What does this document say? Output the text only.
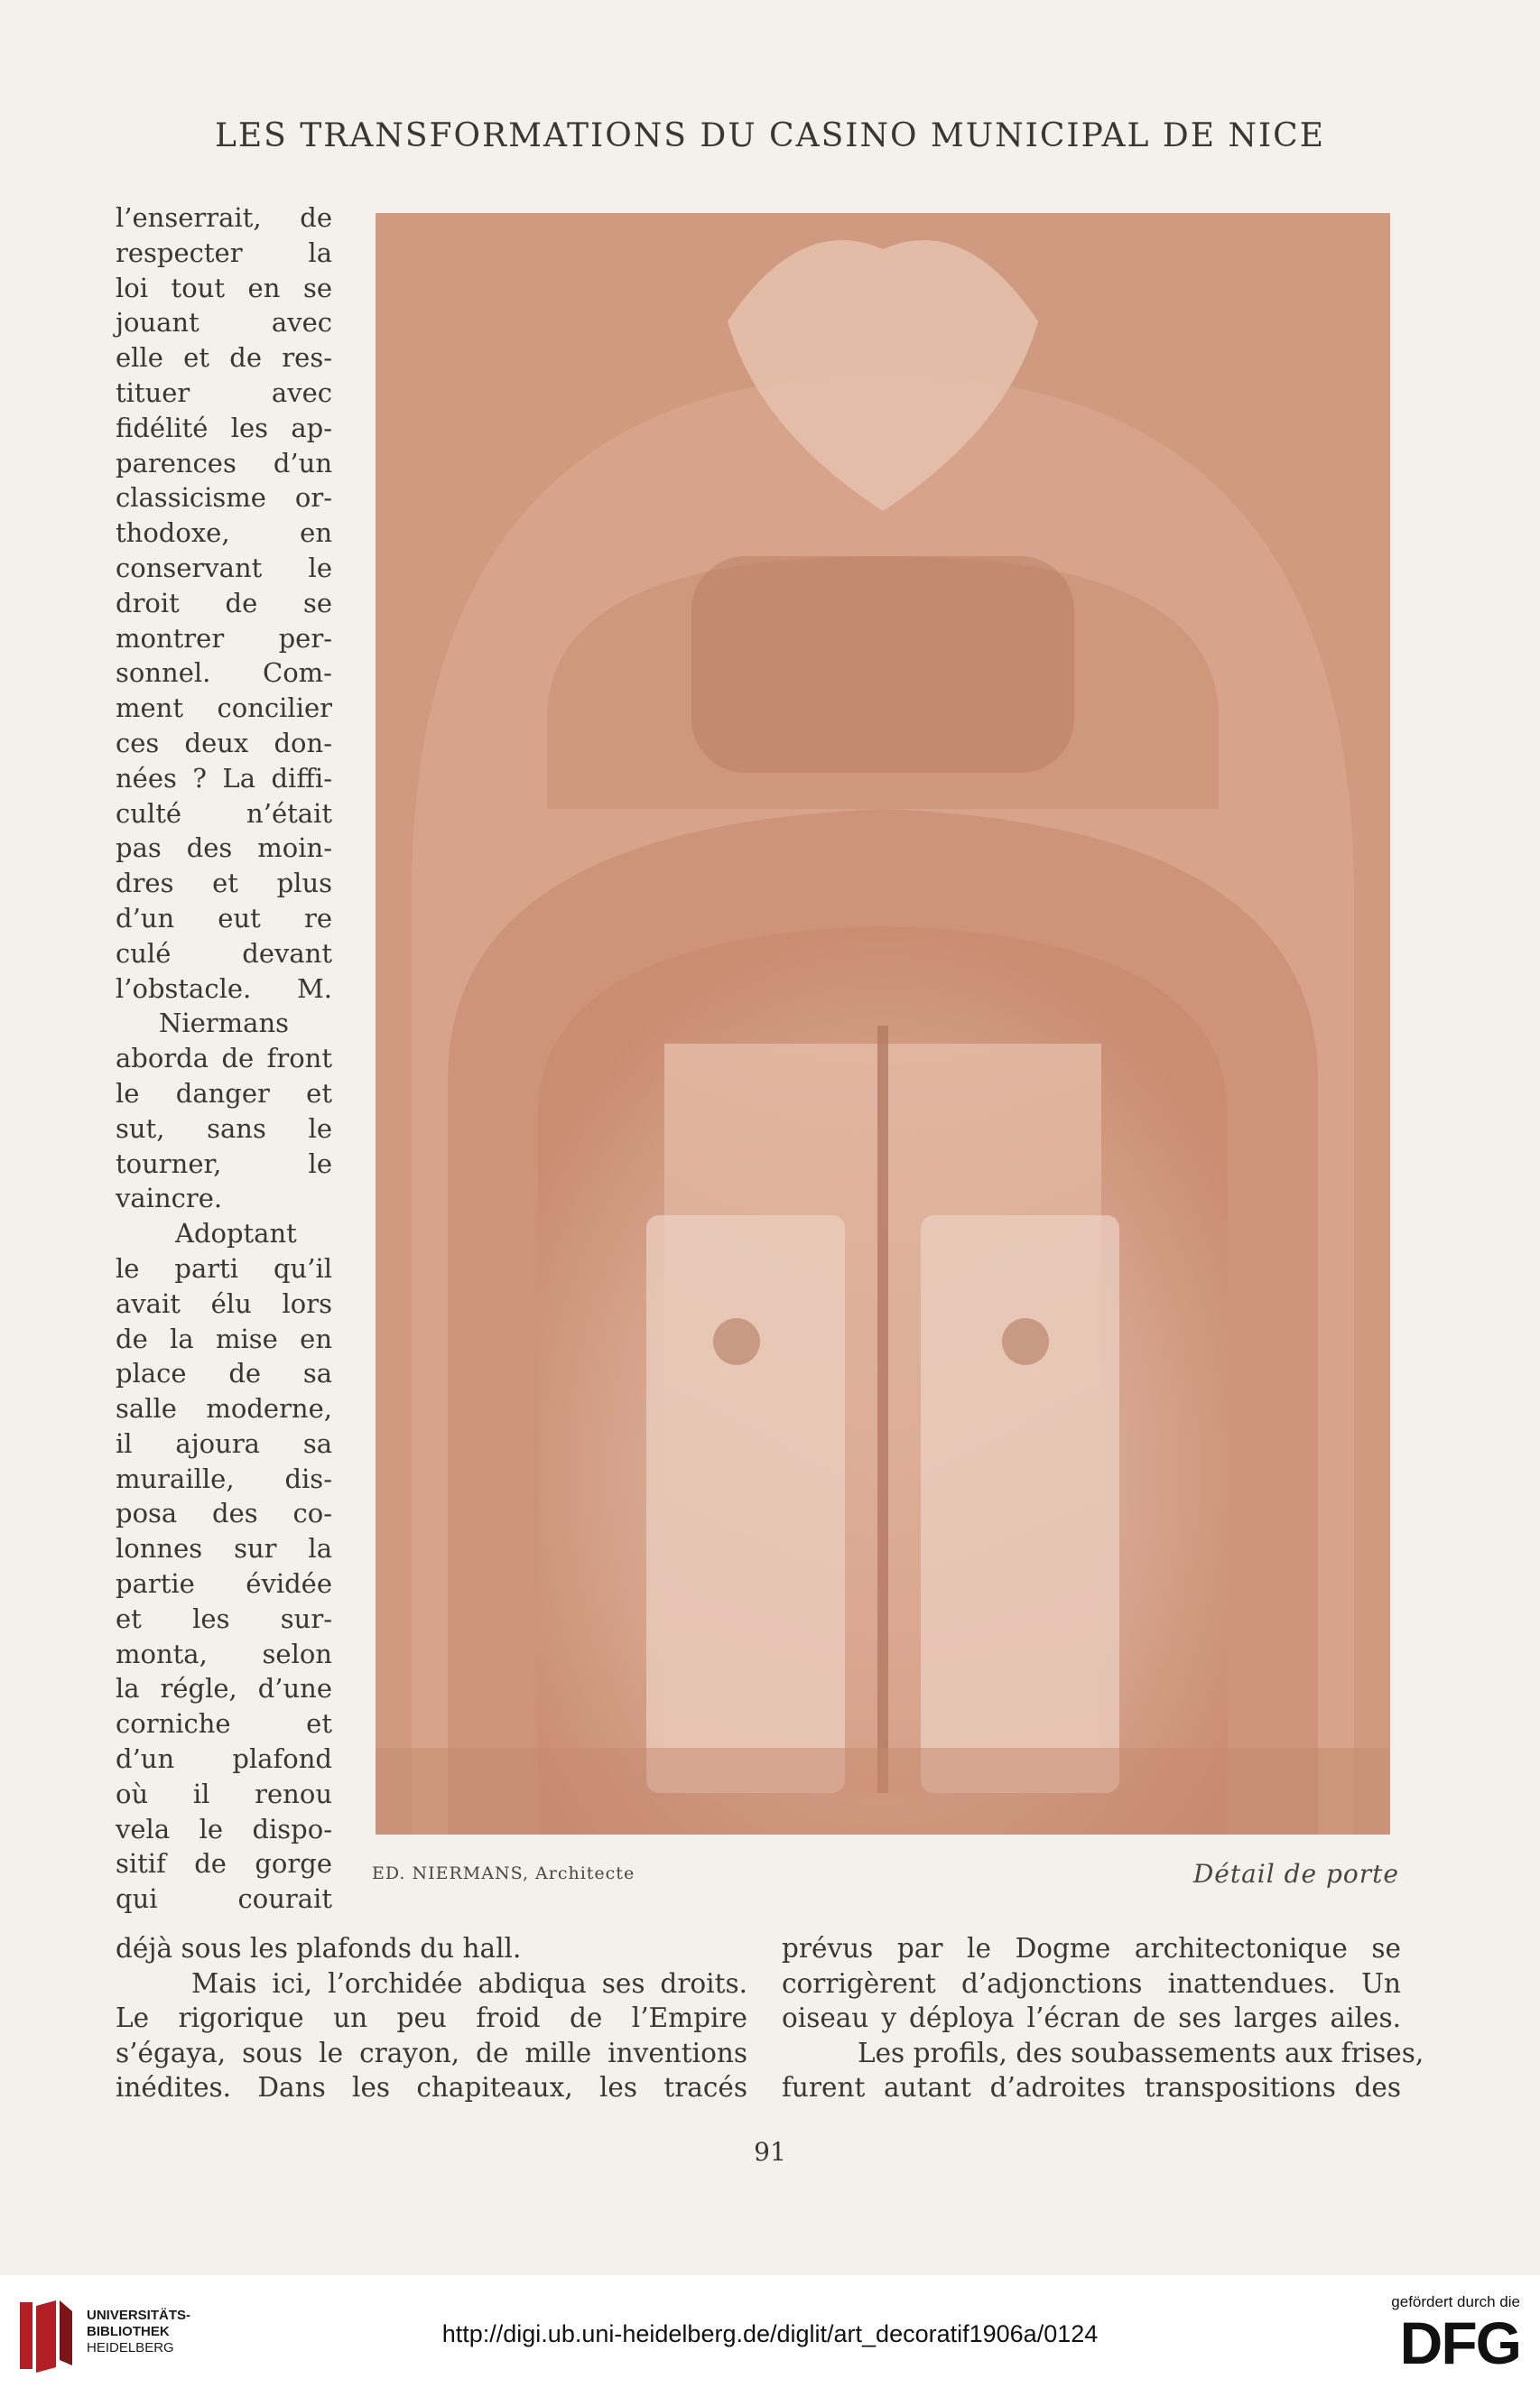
LES TRANSFORMATIONS DU CASINO MUNICIPAL DE NICE
l’enserrait, de
respecter la
loi tout en se
jouant avec
elle et de res-
tituer avec
fidélité les ap-
parences d’un
classicisme or-
thodoxe, en
conservant le
droit de se
montrer per-
sonnel. Com-
ment concilier
ces deux don-
nées ? La diffi-
culté n’était
pas des moin-
dres et plus
d’un eut re
culé devant
l’obstacle. M.
Niermans
aborda de front
le danger et
sut, sans le
tourner, le
vaincre.
Adoptant
le parti qu’il
avait élu lors
de la mise en
place de sa
salle moderne,
il ajoura sa
muraille, dis-
posa des co-
lonnes sur la
partie évidée
et les sur-
monta, selon
la régle, d’une
corniche et
d’un plafond
où il renou
vela le dispo-
sitif de gorge
qui courait
ED. NIERMANS, Architecte	Détail de porte
déjà sous les plafonds du hall.
Mais ici, l’orchidée abdiqua ses droits.
Le rigorique un peu froid de l’Empire
s’égaya, sous le crayon, de mille inventions
inédites. Dans les chapiteaux, les tracés
prévus par le Dogme architectonique se
corrigèrent d’adjonctions inattendues. Un
oiseau y déploya l’écran de ses larges ailes.
Les profils, des soubassements aux frises,
furent autant d’adroites transpositions des
91
UNIVERSITÄTS-
BIBLIOTHEK
HEIDELBERG
http://digi.ub.uni-heidelberg.de/diglit/art_decoratif1906a/0124
gefördert durch die
DFG
